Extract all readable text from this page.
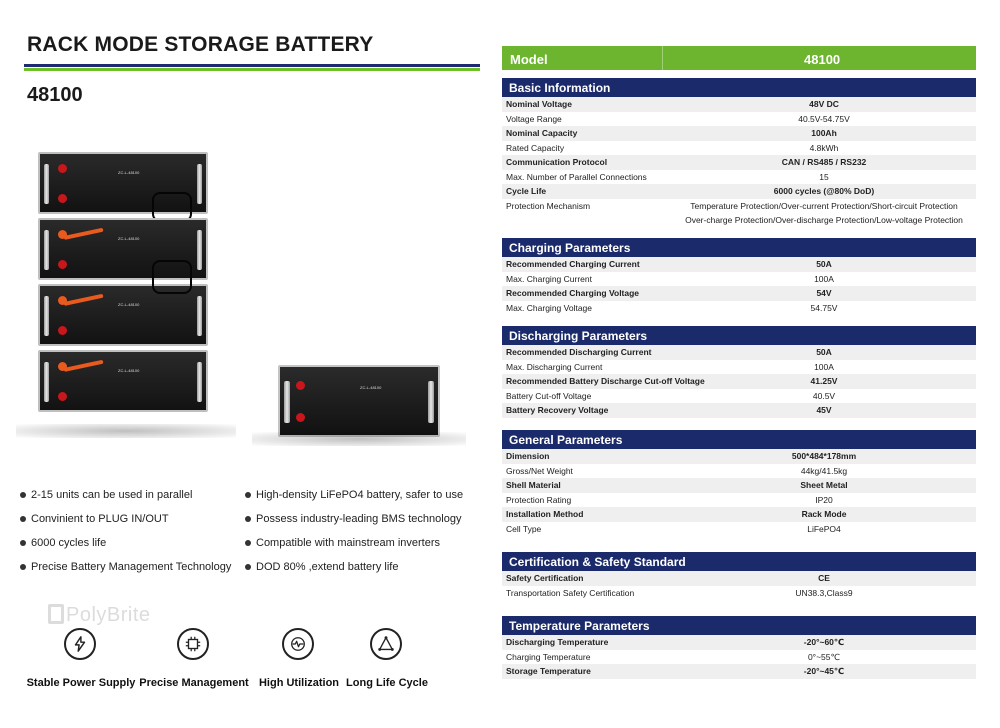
RACK MODE STORAGE BATTERY
48100
ZC-L-48100
ZC-L-48100
ZC-L-48100
ZC-L-48100
ZC-L-48100
2-15 units can be used in parallel
Convinient to PLUG IN/OUT
6000 cycles life
Precise Battery Management Technology
High-density LiFePO4 battery, safer to use
Possess industry-leading BMS technology
Compatible with mainstream inverters
DOD 80% ,extend battery life
PolyBrite
Stable Power Supply Precise Management High Utilization Long Life Cycle
Model	48100
Basic Information
Nominal Voltage	48V DC
Voltage Range	40.5V-54.75V
Nominal Capacity	100Ah
Rated Capacity	4.8kWh
Communication Protocol	CAN / RS485 / RS232
Max. Number of Parallel Connections	15
Cycle Life	6000 cycles (@80% DoD)
Protection Mechanism	Temperature Protection/Over-current Protection/Short-circuit Protection
Over-charge Protection/Over-discharge Protection/Low-voltage Protection
Charging Parameters
Recommended Charging Current	50A
Max. Charging Current	100A
Recommended Charging Voltage	54V
Max. Charging Voltage	54.75V
Discharging Parameters
Recommended Discharging Current	50A
Max. Discharging Current	100A
Recommended Battery Discharge Cut-off Voltage	41.25V
Battery Cut-off Voltage	40.5V
Battery Recovery Voltage	45V
General Parameters
Dimension	500*484*178mm
Gross/Net Weight	44kg/41.5kg
Shell Material	Sheet Metal
Protection Rating	IP20
Installation Method	Rack Mode
Cell Type	LiFePO4
Certification & Safety Standard
Safety Certification	CE
Transportation Safety Certification	UN38.3,Class9
Temperature Parameters
Discharging Temperature	-20°~60℃
Charging Temperature	0°~55℃
Storage Temperature	-20°~45℃
